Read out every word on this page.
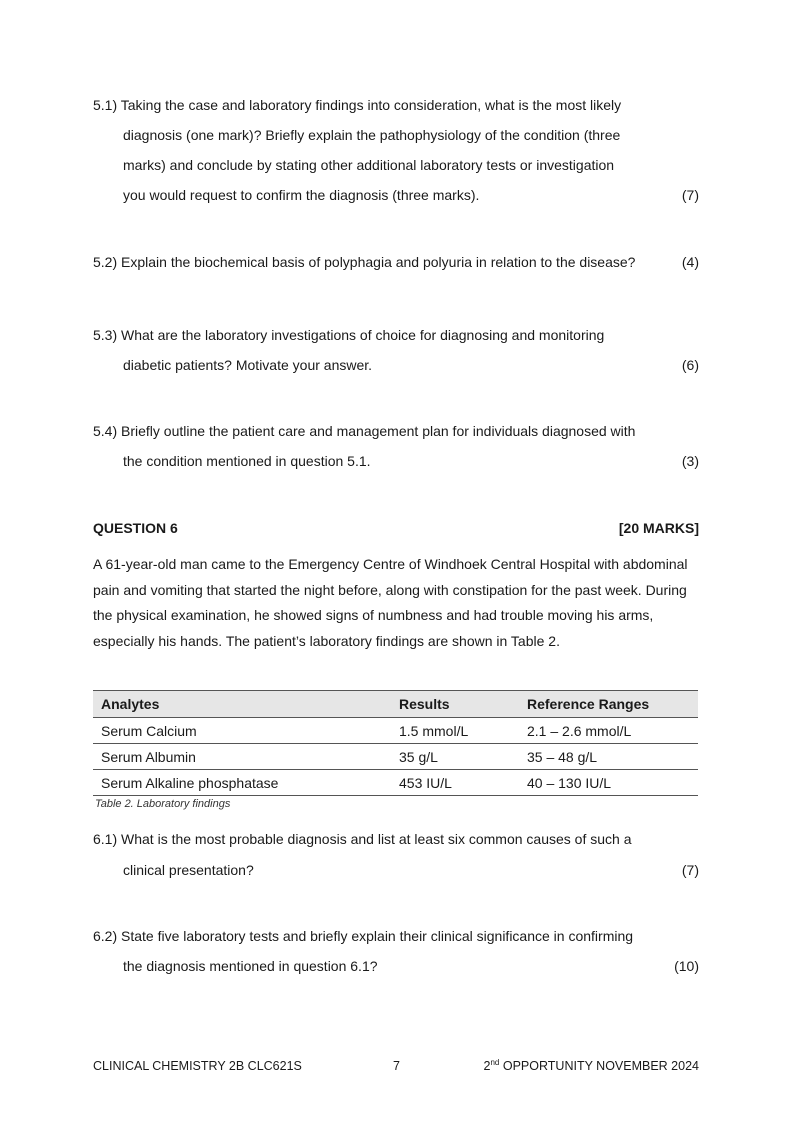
5.1) Taking the case and laboratory findings into consideration, what is the most likely
diagnosis (one mark)? Briefly explain the pathophysiology of the condition (three
marks) and conclude by stating other additional laboratory tests or investigation
you would request to confirm the diagnosis (three marks).	(7)
5.2) Explain the biochemical basis of polyphagia and polyuria in relation to the disease?	(4)
5.3) What are the laboratory investigations of choice for diagnosing and monitoring
diabetic patients? Motivate your answer.	(6)
5.4) Briefly outline the patient care and management plan for individuals diagnosed with
the condition mentioned in question 5.1.	(3)
QUESTION 6	[20 MARKS]
A 61-year-old man came to the Emergency Centre of Windhoek Central Hospital with abdominal pain and vomiting that started the night before, along with constipation for the past week. During the physical examination, he showed signs of numbness and had trouble moving his arms, especially his hands. The patient’s laboratory findings are shown in Table 2.
Analytes	Results	Reference Ranges
Serum Calcium	1.5 mmol/L	2.1 – 2.6 mmol/L
Serum Albumin	35 g/L	35 – 48 g/L
Serum Alkaline phosphatase	453 IU/L	40 – 130 IU/L
Table 2. Laboratory findings
6.1) What is the most probable diagnosis and list at least six common causes of such a
clinical presentation?	(7)
6.2) State five laboratory tests and briefly explain their clinical significance in confirming
the diagnosis mentioned in question 6.1?	(10)
CLINICAL CHEMISTRY 2B CLC621S	7	2nd OPPORTUNITY NOVEMBER 2024
